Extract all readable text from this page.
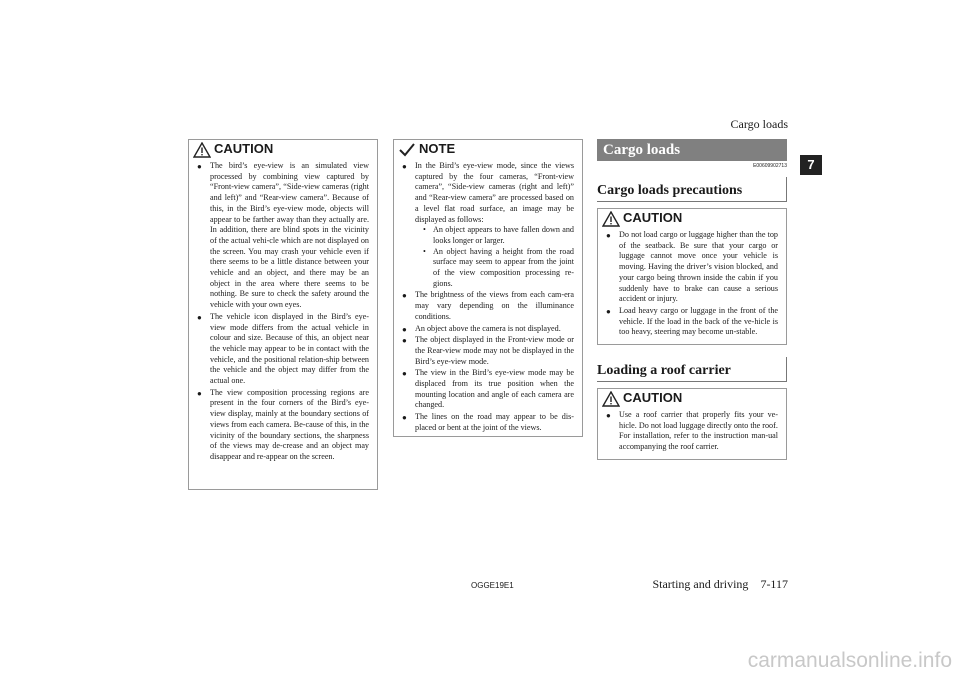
Cargo loads
7
CAUTION
● The bird’s eye-view is an simulated view processed by combining view captured by “Front-view camera”, “Side-view cameras (right and left)” and “Rear-view camera”. Because of this, in the Bird’s eye-view mode, objects will appear to be farther away than they actually are. In addition, there are blind spots in the vicinity of the actual vehi-cle which are not displayed on the screen. You may crash your vehicle even if there seems to be a little distance between your vehicle and an object, and there may be an object in the area where there seems to be nothing. Be sure to check the safety around the vehicle with your own eyes.
● The vehicle icon displayed in the Bird’s eye-view mode differs from the actual vehicle in colour and size. Because of this, an object near the vehicle may appear to be in contact with the vehicle, and the positional relation-ship between the vehicle and the object may differ from the actual one.
● The view composition processing regions are present in the four corners of the Bird’s eye-view display, mainly at the boundary sections of views from each camera. Be-cause of this, in the vicinity of the boundary sections, the sharpness of the views may de-crease and an object may disappear and re-appear on the screen.
NOTE
● In the Bird’s eye-view mode, since the views captured by the four cameras, “Front-view camera”, “Side-view cameras (right and left)” and “Rear-view camera” are processed based on a level flat road surface, an image may be displayed as follows:
• An object appears to have fallen down and looks longer or larger.
• An object having a height from the road surface may seem to appear from the joint of the view composition processing re-gions.
● The brightness of the views from each cam-era may vary depending on the illuminance conditions.
● An object above the camera is not displayed.
● The object displayed in the Front-view mode or the Rear-view mode may not be displayed in the Bird’s eye-view mode.
● The view in the Bird’s eye-view mode may be displaced from its true position when the mounting location and angle of each camera are changed.
● The lines on the road may appear to be dis-placed or bent at the joint of the views.
Cargo loads
E00609902713
Cargo loads precautions
CAUTION
● Do not load cargo or luggage higher than the top of the seatback. Be sure that your cargo or luggage cannot move once your vehicle is moving. Having the driver’s vision blocked, and your cargo being thrown inside the cabin if you suddenly have to brake can cause a serious accident or injury.
● Load heavy cargo or luggage in the front of the vehicle. If the load in the back of the ve-hicle is too heavy, steering may become un-stable.
Loading a roof carrier
CAUTION
● Use a roof carrier that properly fits your ve-hicle. Do not load luggage directly onto the roof.
For installation, refer to the instruction man-ual accompanying the roof carrier.
OGGE19E1	Starting and driving 7-117
carmanualsonline.info
